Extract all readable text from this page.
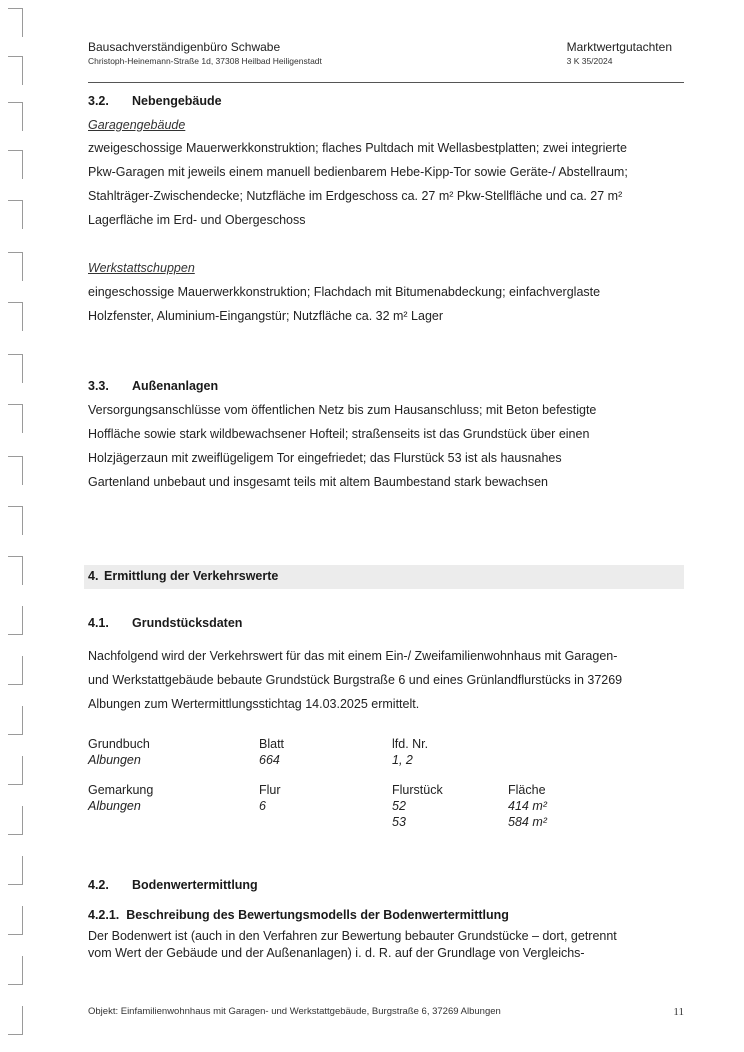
Bausachverständigenbüro Schwabe
Christoph-Heinemann-Straße 1d, 37308 Heilbad Heiligenstadt
Marktwertgutachten
3 K 35/2024
3.2. Nebengebäude
Garagengebäude
zweigeschossige Mauerwerkkonstruktion; flaches Pultdach mit Wellasbestplatten; zwei integrierte
Pkw-Garagen mit jeweils einem manuell bedienbarem Hebe-Kipp-Tor sowie Geräte-/ Abstellraum;
Stahlträger-Zwischendecke; Nutzfläche im Erdgeschoss ca. 27 m² Pkw-Stellfläche und ca. 27 m²
Lagerfläche im Erd- und Obergeschoss
Werkstattschuppen
eingeschossige Mauerwerkkonstruktion; Flachdach mit Bitumenabdeckung; einfachverglaste
Holzfenster, Aluminium-Eingangstür; Nutzfläche ca. 32 m² Lager
3.3. Außenanlagen
Versorgungsanschlüsse vom öffentlichen Netz bis zum Hausanschluss; mit Beton befestigte
Hoffläche sowie stark wildbewachsener Hofteil; straßenseits ist das Grundstück über einen
Holzjägerzaun mit zweiflügeligem Tor eingefriedet; das Flurstück 53 ist als hausnahes
Gartenland unbebaut und insgesamt teils mit altem Baumbestand stark bewachsen
4. Ermittlung der Verkehrswerte
4.1. Grundstücksdaten
Nachfolgend wird der Verkehrswert für das mit einem Ein-/ Zweifamilienwohnhaus mit Garagen-
und Werkstattgebäude bebaute Grundstück Burgstraße 6 und eines Grünlandflurstücks in 37269
Albungen zum Wertermittlungsstichtag 14.03.2025 ermittelt.
Grundbuch
Albungen
Blatt
664
lfd. Nr.
1, 2
Gemarkung
Albungen
Flur
6
Flurstück
52
53
Fläche
414 m²
584 m²
4.2. Bodenwertermittlung
4.2.1. Beschreibung des Bewertungsmodells der Bodenwertermittlung
Der Bodenwert ist (auch in den Verfahren zur Bewertung bebauter Grundstücke – dort, getrennt
vom Wert der Gebäude und der Außenanlagen) i. d. R. auf der Grundlage von Vergleichs-
Objekt: Einfamilienwohnhaus mit Garagen- und Werkstattgebäude, Burgstraße 6, 37269 Albungen	11
